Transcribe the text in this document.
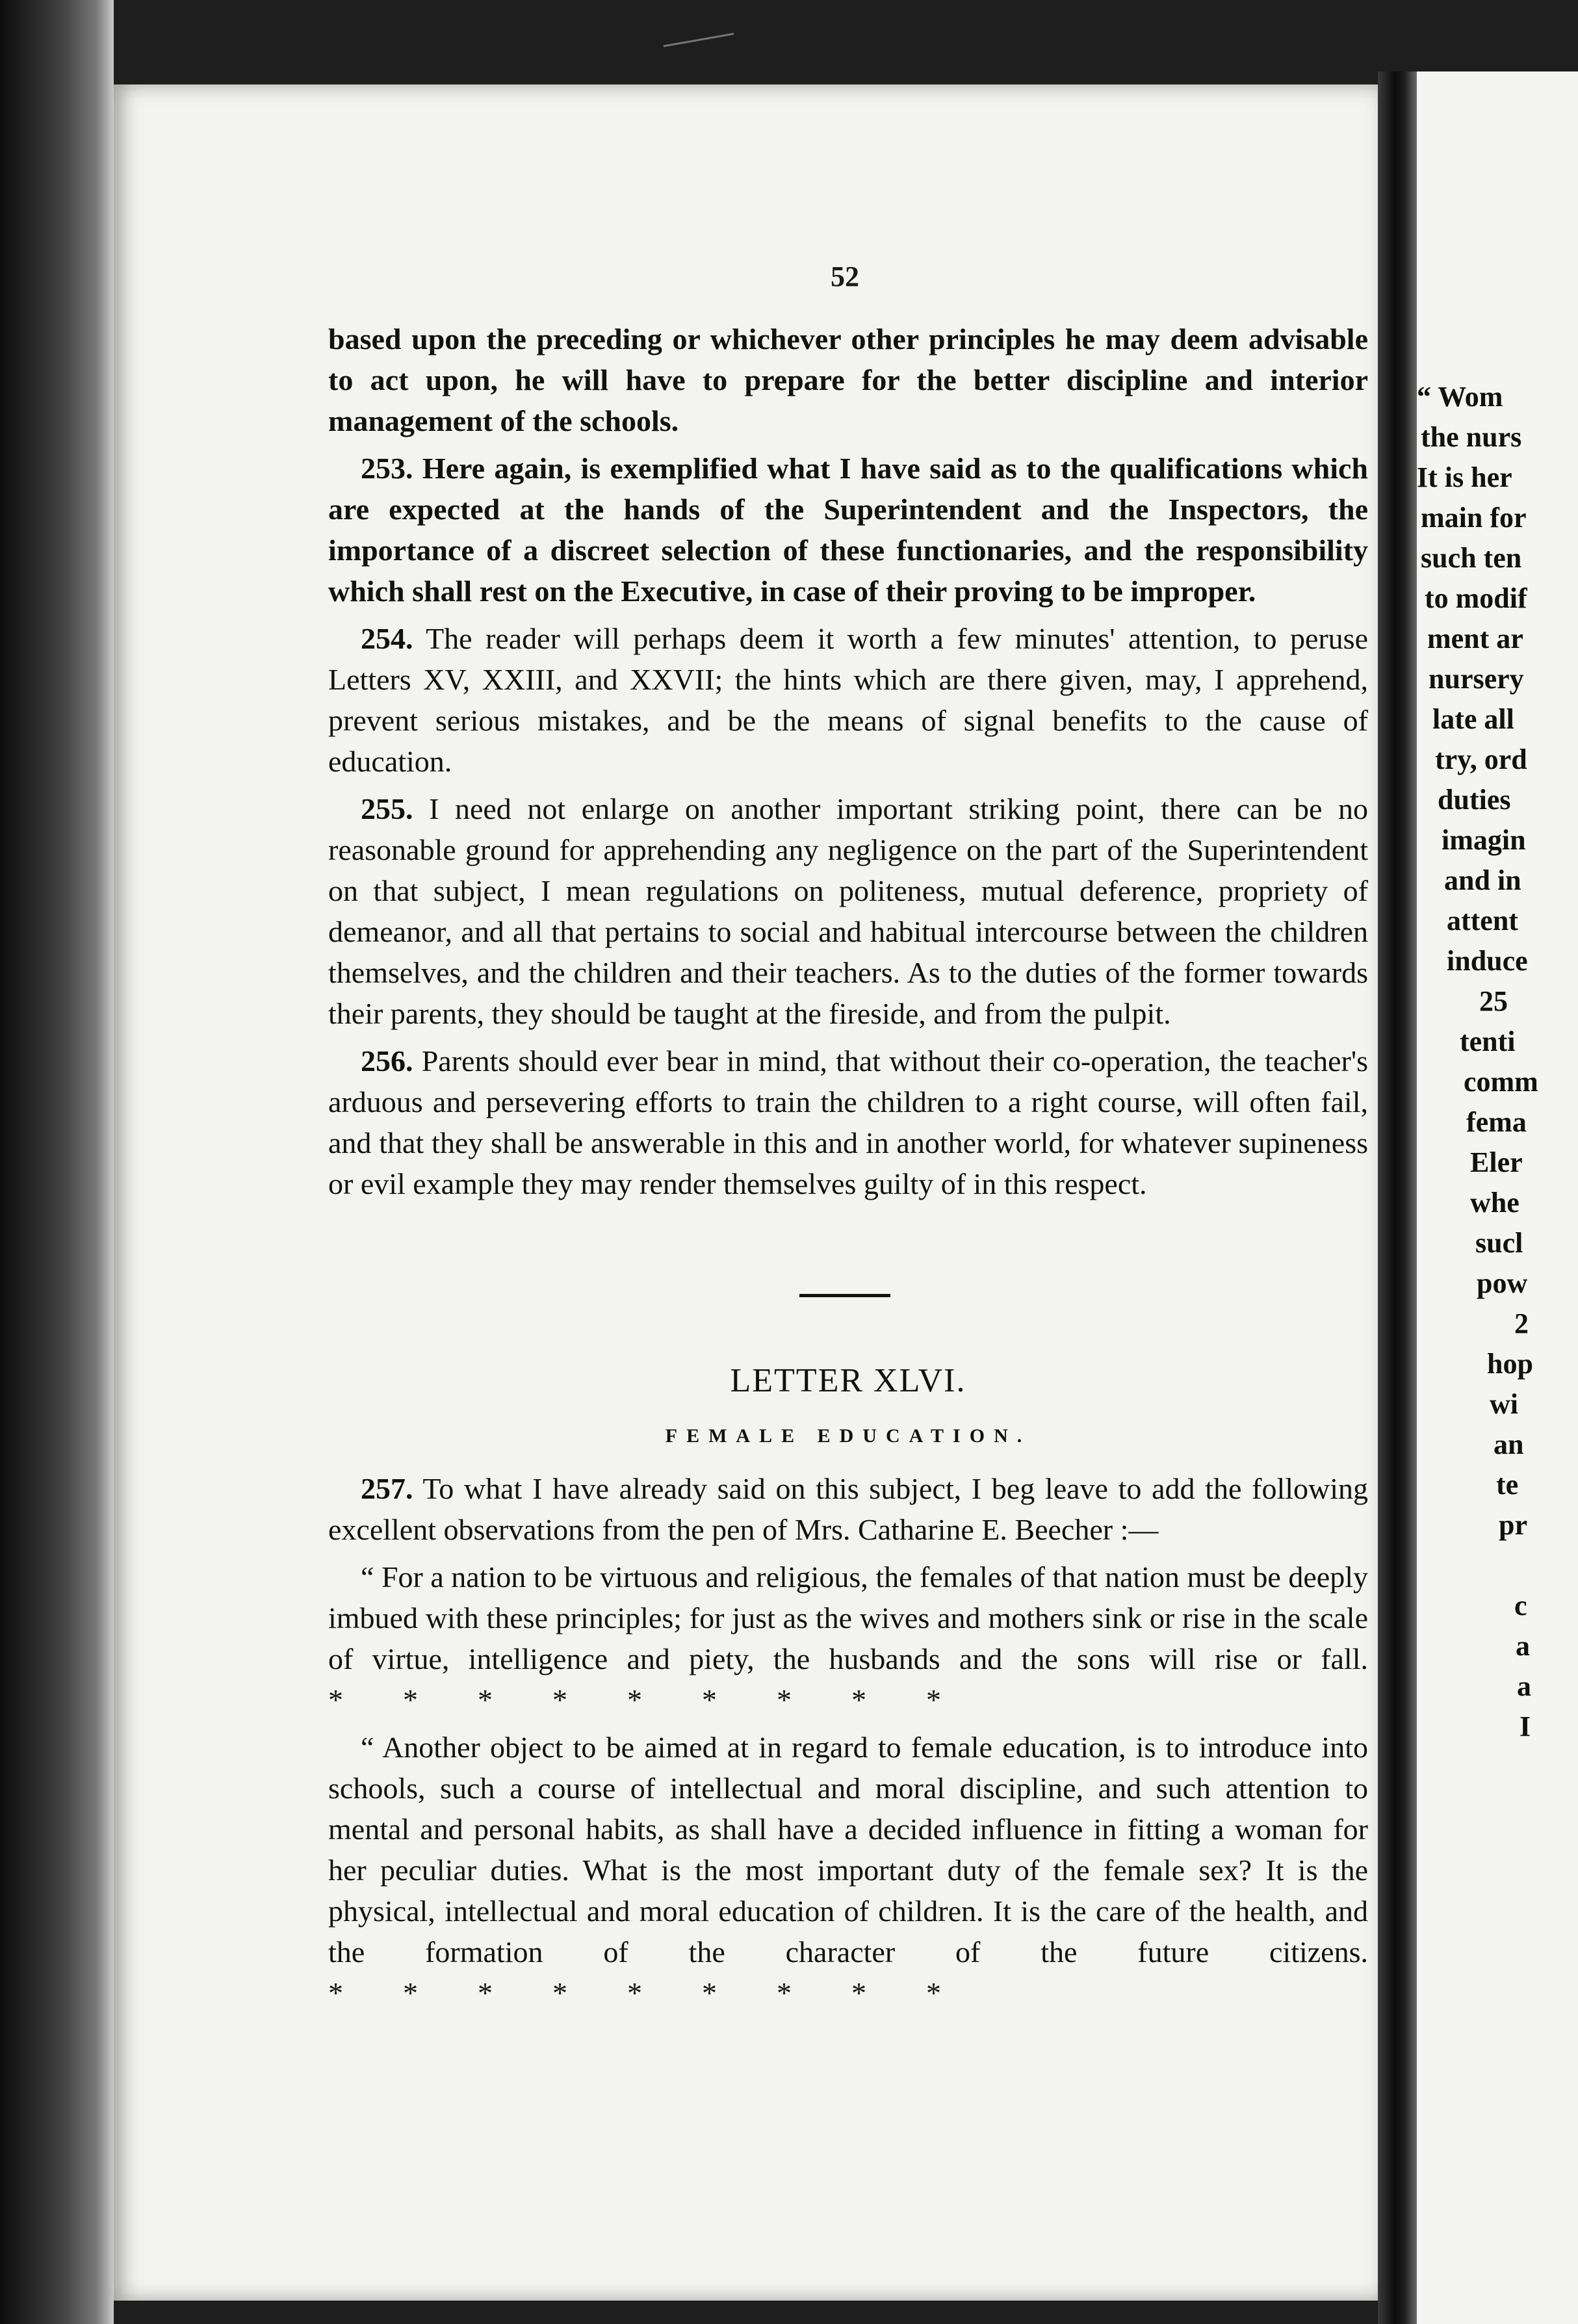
“ Wom
the nurs
It is her
main for
such ten
to modif
ment ar
nursery
late all
try, ord
duties
imagin
and in
attent
induce
25
tenti
comm
fema
Eler
whe
sucl
pow
2
hop
wi
an
te
pr
c
a
a
I
52

based upon the preceding or whichever other principles he may deem advisable to act upon, he will have to prepare for the better discipline and interior management of the schools.

253. Here again, is exemplified what I have said as to the qualifications which are expected at the hands of the Superintendent and the Inspectors, the importance of a discreet selection of these functionaries, and the responsibility which shall rest on the Executive, in case of their proving to be improper.

254. The reader will perhaps deem it worth a few minutes' attention, to peruse Letters XV, XXIII, and XXVII; the hints which are there given, may, I apprehend, prevent serious mistakes, and be the means of signal benefits to the cause of education.

255. I need not enlarge on another important striking point, there can be no reasonable ground for apprehending any negligence on the part of the Superintendent on that subject, I mean regulations on politeness, mutual deference, propriety of demeanor, and all that pertains to social and habitual intercourse between the children themselves, and the children and their teachers. As to the duties of the former towards their parents, they should be taught at the fireside, and from the pulpit.

256. Parents should ever bear in mind, that without their co-operation, the teacher's arduous and persevering efforts to train the children to a right course, will often fail, and that they shall be answerable in this and in another world, for whatever supineness or evil example they may render themselves guilty of in this respect.

LETTER XLVI.
FEMALE EDUCATION.

257. To what I have already said on this subject, I beg leave to add the following excellent observations from the pen of Mrs. Catharine E. Beecher :—

“ For a nation to be virtuous and religious, the females of that nation must be deeply imbued with these principles; for just as the wives and mothers sink or rise in the scale of virtue, intelligence and piety, the husbands and the sons will rise or fall. *        *        *        *        *        *        *        *        *

“ Another object to be aimed at in regard to female education, is to introduce into schools, such a course of intellectual and moral discipline, and such attention to mental and personal habits, as shall have a decided influence in fitting a woman for her peculiar duties. What is the most important duty of the female sex? It is the physical, intellectual and moral education of children. It is the care of the health, and the formation of the character of the future citizens. *        *        *        *        *        *        *        *        *
